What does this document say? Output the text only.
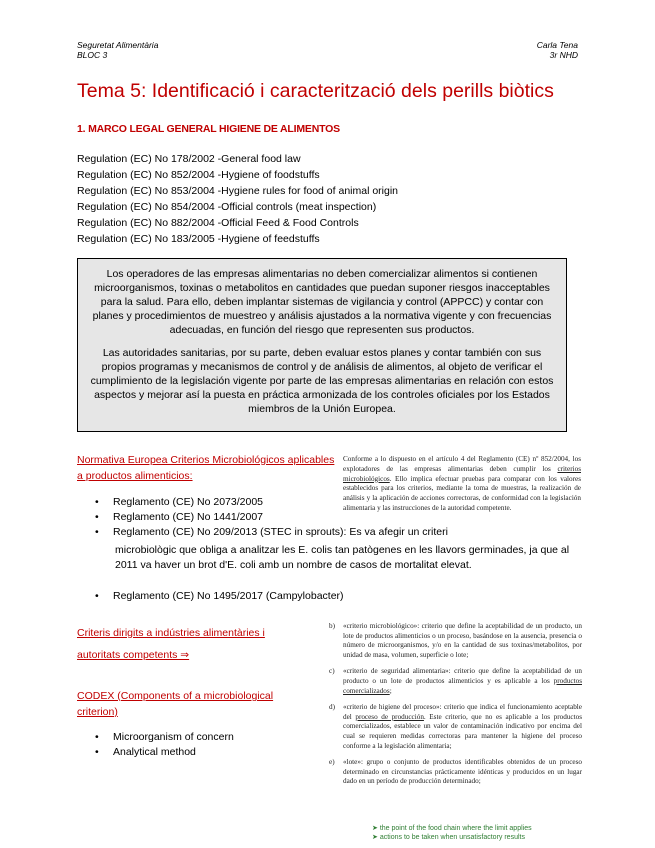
Seguretat Alimentària
BLOC 3
Carla Tena
3r NHD
Tema 5: Identificació i caracterització dels perills biòtics
1. MARCO LEGAL GENERAL HIGIENE DE ALIMENTOS
Regulation (EC) No 178/2002 -General food law
Regulation (EC) No 852/2004 -Hygiene of foodstuffs
Regulation (EC) No 853/2004 -Hygiene rules for food of animal origin
Regulation (EC) No 854/2004 -Official controls (meat inspection)
Regulation (EC) No 882/2004 -Official Feed & Food Controls
Regulation (EC) No 183/2005 -Hygiene of feedstuffs

Los operadores de las empresas alimentarias no deben comercializar alimentos si contienen microorganismos, toxinas o metabolitos en cantidades que puedan suponer riesgos inacceptables para la salud. Para ello, deben implantar sistemas de vigilancia y control (APPCC) y contar con planes y procedimientos de muestreo y análisis ajustados a la normativa vigente y con frecuencias adecuadas, en función del riesgo que representen sus productos.

Las autoridades sanitarias, por su parte, deben evaluar estos planes y contar también con sus propios programas y mecanismos de control y de análisis de alimentos, al objeto de verificar el cumplimiento de la legislación vigente por parte de las empresas alimentarias en relación con estos aspectos y mejorar así la puesta en práctica armonizada de los controles oficiales por los Estados miembros de la Unión Europea.

Normativa Europea Criterios Microbiológicos aplicables a productos alimenticios:
Conforme a lo dispuesto en el artículo 4 del Reglamento (CE) nº 852/2004, los explotadores de las empresas alimentarias deben cumplir los criterios microbiológicos. Ello implica efectuar pruebas para comparar con los valores establecidos para los criterios, mediante la toma de muestras, la realización de análisis y la aplicación de acciones correctoras, de conformidad con la legislación alimentaria y las instrucciones de la autoridad competente.
• Reglamento (CE) No 2073/2005
• Reglamento (CE) No 1441/2007
• Reglamento (CE) No 209/2013 (STEC in sprouts): Es va afegir un criteri
microbiològic que obliga a analitzar les E. colis tan patògenes en les llavors germinades, ja que al 2011 va haver un brot d'E. coli amb un nombre de casos de mortalitat elevat.
• Reglamento (CE) No 1495/2017 (Campylobacter)
Criteris dirigits a indústries alimentàries i autoritats competents ⇒
CODEX (Components of a microbiological criterion)
• Microorganism of concern
• Analytical method
b)	«criterio microbiológico»: criterio que define la aceptabilidad de un producto, un lote de productos alimenticios o un proceso, basándose en la ausencia, presencia o número de microorganismos, y/o en la cantidad de sus toxinas/metabolitos, por unidad de masa, volumen, superficie o lote;
c)	«criterio de seguridad alimentaria»: criterio que define la aceptabilidad de un producto o un lote de productos alimenticios y es aplicable a los productos comercializados;
d)	«criterio de higiene del proceso»: criterio que indica el funcionamiento aceptable del proceso de producción. Este criterio, que no es aplicable a los productos comercializados, establece un valor de contaminación indicativo por encima del cual se requieren medidas correctoras para mantener la higiene del proceso conforme a la legislación alimentaria;
e)	«lote»: grupo o conjunto de productos identificables obtenidos de un proceso determinado en circunstancias prácticamente idénticas y producidos en un lugar dado en un período de producción determinado;
➤ the point of the food chain where the limit applies
➤ actions to be taken when unsatisfactory results
